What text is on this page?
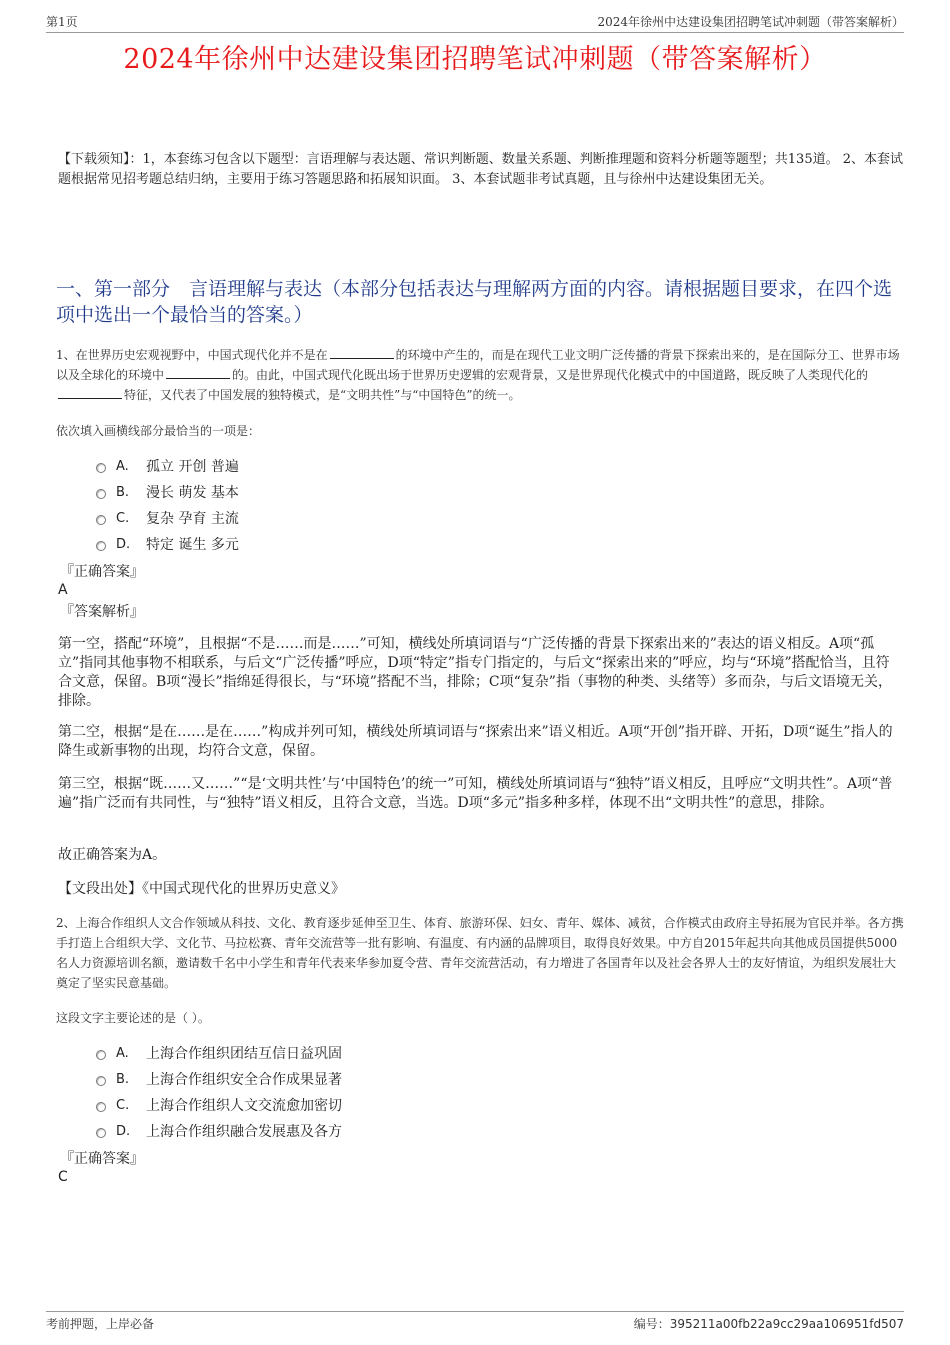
第1页	2024年徐州中达建设集团招聘笔试冲刺题（带答案解析）
2024年徐州中达建设集团招聘笔试冲刺题（带答案解析）
【下载须知】：1，本套练习包含以下题型：言语理解与表达题、常识判断题、数量关系题、判断推理题和资料分析题等题型；共135道。 2、本套试题根据常见招考题总结归纳，主要用于练习答题思路和拓展知识面。 3、本套试题非考试真题，且与徐州中达建设集团无关。
一、第一部分　言语理解与表达（本部分包括表达与理解两方面的内容。请根据题目要求，在四个选项中选出一个最恰当的答案。）
1、在世界历史宏观视野中，中国式现代化并不是在	的环境中产生的，而是在现代工业文明广泛传播的背景下探索出来的，是在国际分工、世界市场以及全球化的环境中	的。由此，中国式现代化既出场于世界历史逻辑的宏观背景，又是世界现代化模式中的中国道路，既反映了人类现代化的特征，又代表了中国发展的独特模式，是“文明共性”与“中国特色”的统一。
依次填入画横线部分最恰当的一项是：
A.	孤立 开创 普遍
B.	漫长 萌发 基本
C.	复杂 孕育 主流
D.	特定 诞生 多元
『正确答案』
A
『答案解析』
第一空，搭配“环境”，且根据“不是……而是……”可知，横线处所填词语与“广泛传播的背景下探索出来的”表达的语义相反。A项“孤立”指同其他事物不相联系，与后文“广泛传播”呼应，D项“特定”指专门指定的，与后文“探索出来的”呼应，均与“环境”搭配恰当，且符合文意，保留。B项“漫长”指绵延得很长，与“环境”搭配不当，排除；C项“复杂”指（事物的种类、头绪等）多而杂，与后文语境无关，排除。
第二空，根据“是在……是在……”构成并列可知，横线处所填词语与“探索出来”语义相近。A项“开创”指开辟、开拓，D项“诞生”指人的降生或新事物的出现，均符合文意，保留。
第三空，根据“既……又……”“是‘文明共性’与‘中国特色’的统一”可知，横线处所填词语与“独特”语义相反，且呼应“文明共性”。A项“普遍”指广泛而有共同性，与“独特”语义相反，且符合文意，当选。D项“多元”指多种多样，体现不出“文明共性”的意思，排除。
故正确答案为A。
【文段出处】《中国式现代化的世界历史意义》
2、上海合作组织人文合作领域从科技、文化、教育逐步延伸至卫生、体育、旅游环保、妇女、青年、媒体、减贫，合作模式由政府主导拓展为官民并举。各方携手打造上合组织大学、文化节、马拉松赛、青年交流营等一批有影响、有温度、有内涵的品牌项目，取得良好效果。中方自2015年起共向其他成员国提供5000名人力资源培训名额，邀请数千名中小学生和青年代表来华参加夏令营、青年交流营活动，有力增进了各国青年以及社会各界人士的友好情谊，为组织发展壮大奠定了坚实民意基础。
这段文字主要论述的是（ ）。
A.	上海合作组织团结互信日益巩固
B.	上海合作组织安全合作成果显著
C.	上海合作组织人文交流愈加密切
D.	上海合作组织融合发展惠及各方
『正确答案』
C
考前押题，上岸必备	编号：395211a00fb22a9cc29aa106951fd507
